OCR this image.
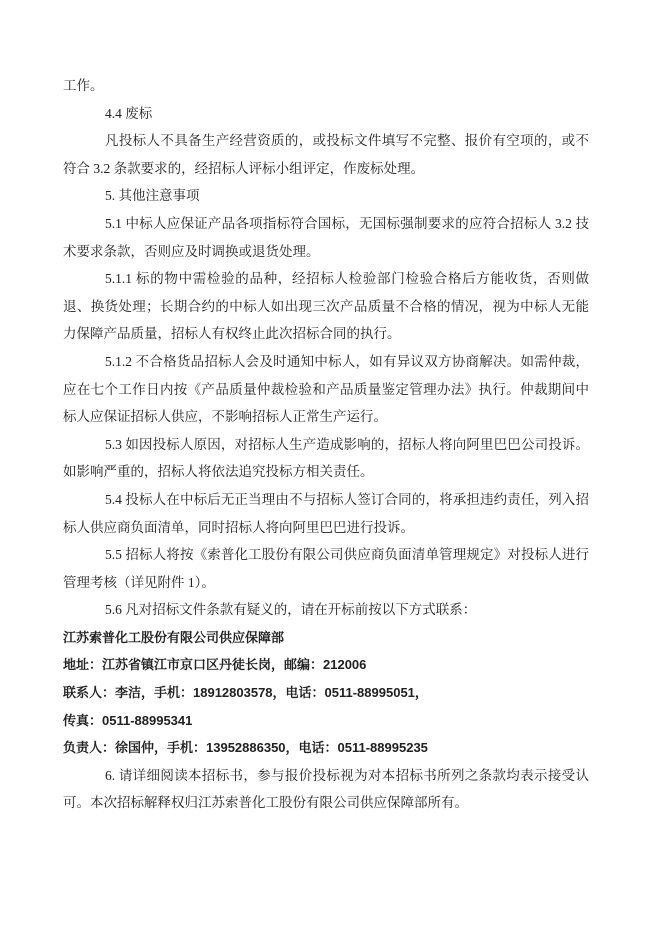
工作。

4.4 废标

凡投标人不具备生产经营资质的，或投标文件填写不完整、报价有空项的，或不符合 3.2 条款要求的，经招标人评标小组评定，作废标处理。

5. 其他注意事项

5.1 中标人应保证产品各项指标符合国标，无国标强制要求的应符合招标人 3.2 技术要求条款，否则应及时调换或退货处理。

5.1.1 标的物中需检验的品种，经招标人检验部门检验合格后方能收货，否则做退、换货处理；长期合约的中标人如出现三次产品质量不合格的情况，视为中标人无能力保障产品质量，招标人有权终止此次招标合同的执行。

5.1.2 不合格货品招标人会及时通知中标人，如有异议双方协商解决。如需仲裁，应在七个工作日内按《产品质量仲裁检验和产品质量鉴定管理办法》执行。仲裁期间中标人应保证招标人供应，不影响招标人正常生产运行。

5.3 如因投标人原因，对招标人生产造成影响的，招标人将向阿里巴巴公司投诉。如影响严重的，招标人将依法追究投标方相关责任。

5.4 投标人在中标后无正当理由不与招标人签订合同的，将承担违约责任，列入招标人供应商负面清单，同时招标人将向阿里巴巴进行投诉。

5.5 招标人将按《索普化工股份有限公司供应商负面清单管理规定》对投标人进行管理考核（详见附件 1）。

5.6 凡对招标文件条款有疑义的，请在开标前按以下方式联系：

江苏索普化工股份有限公司供应保障部

地址：江苏省镇江市京口区丹徒长岗，邮编：212006

联系人：李洁，手机：18912803578，电话：0511-88995051，

传真：0511-88995341

负责人：徐国仲，手机：13952886350，电话：0511-88995235

6. 请详细阅读本招标书，参与报价投标视为对本招标书所列之条款均表示接受认可。本次招标解释权归江苏索普化工股份有限公司供应保障部所有。
